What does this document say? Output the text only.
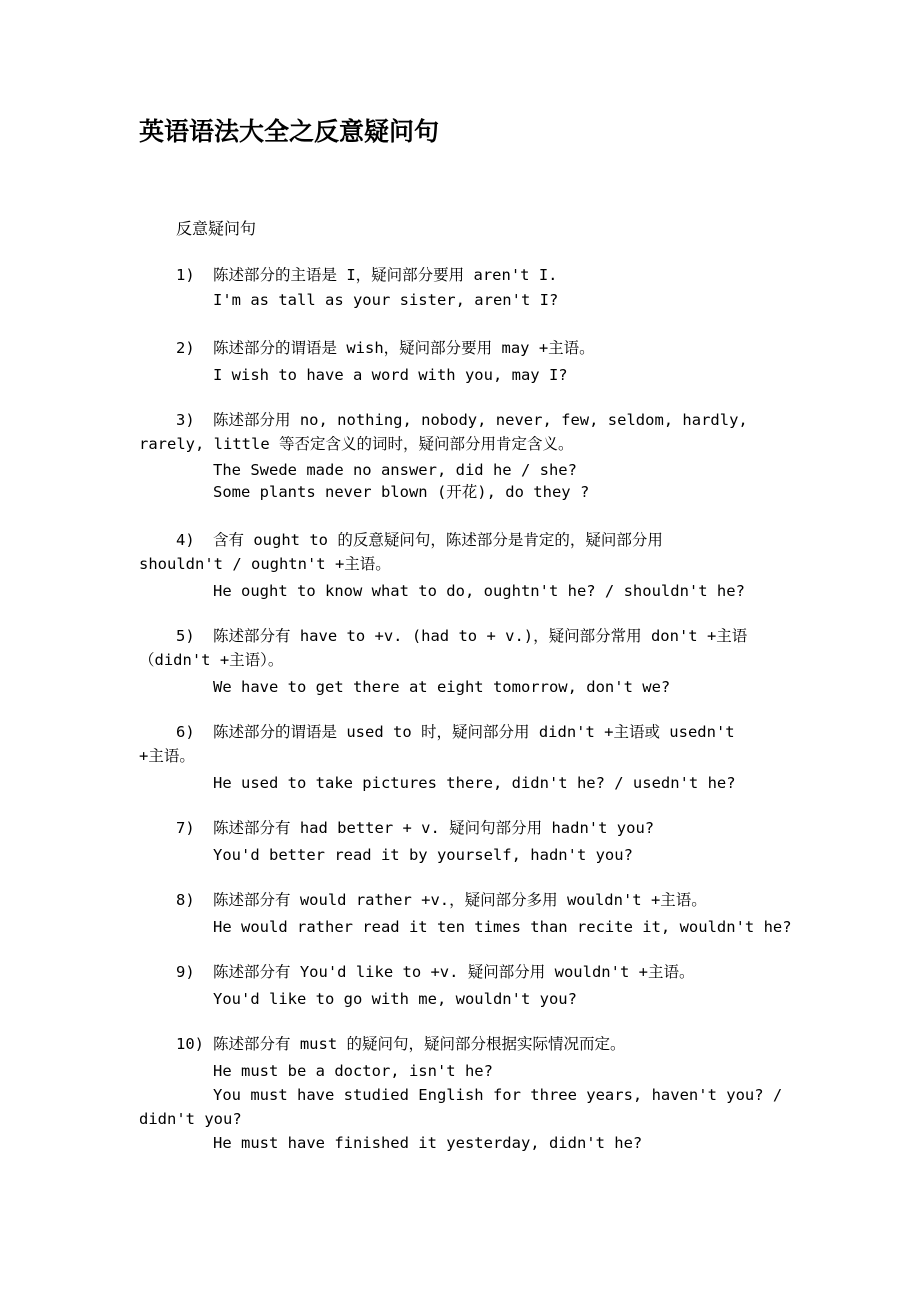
英语语法大全之反意疑问句
反意疑问句
1) 陈述部分的主语是 I，疑问部分要用 aren't I.
I'm as tall as your sister, aren't I?
2) 陈述部分的谓语是 wish，疑问部分要用 may +主语。
I wish to have a word with you, may I?
3) 陈述部分用 no, nothing, nobody, never, few, seldom, hardly,
rarely, little 等否定含义的词时，疑问部分用肯定含义。
The Swede made no answer, did he / she?
Some plants never blown (开花), do they ?
4) 含有 ought to 的反意疑问句，陈述部分是肯定的，疑问部分用
shouldn't / oughtn't +主语。
He ought to know what to do, oughtn't he? / shouldn't he?
5) 陈述部分有 have to +v. (had to + v.)，疑问部分常用 don't +主语
（didn't +主语）。
We have to get there at eight tomorrow, don't we?
6) 陈述部分的谓语是 used to 时，疑问部分用 didn't +主语或 usedn't
+主语。
He used to take pictures there, didn't he? / usedn't he?
7) 陈述部分有 had better + v. 疑问句部分用 hadn't you?
You'd better read it by yourself, hadn't you?
8) 陈述部分有 would rather +v.，疑问部分多用 wouldn't +主语。
He would rather read it ten times than recite it, wouldn't he?
9) 陈述部分有 You'd like to +v. 疑问部分用 wouldn't +主语。
You'd like to go with me, wouldn't you?
10) 陈述部分有 must 的疑问句，疑问部分根据实际情况而定。
He must be a doctor, isn't he?
You must have studied English for three years, haven't you? /
didn't you?
He must have finished it yesterday, didn't he?
